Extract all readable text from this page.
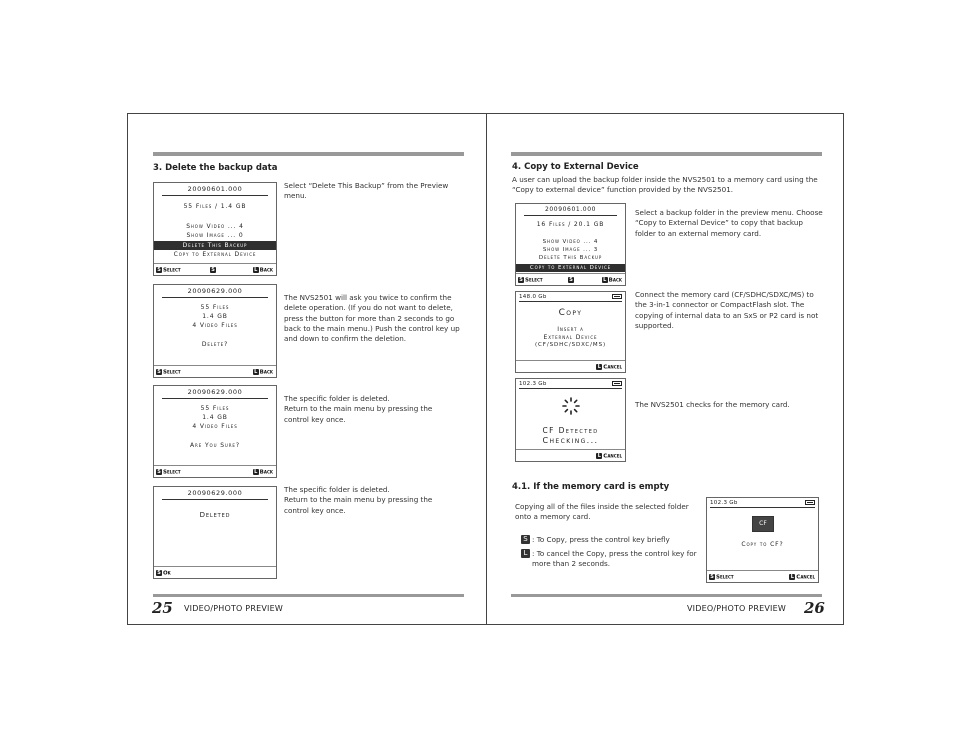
3. Delete the backup data
20090601.000
55 Files / 1.4 GB
Show Video ... 4
Show Image ... 0
Delete This Backup
Copy to External Device
S Select	S	L Back
Select “Delete This Backup” from the Preview menu.
20090629.000
55 Files
1.4 GB
4 Video Files
Delete?
S Select	L Back
The NVS2501 will ask you twice to confirm the delete operation. (If you do not want to delete, press the button for more than 2 seconds to go back to the main menu.) Push the control key up and down to confirm the deletion.
20090629.000
55 Files
1.4 GB
4 Video Files
Are You Sure?
S Select	L Back
The specific folder is deleted.
Return to the main menu by pressing the control key once.
20090629.000
Deleted
S Ok
The specific folder is deleted.
Return to the main menu by pressing the control key once.
25 VIDEO/PHOTO PREVIEW
4. Copy to External Device
A user can upload the backup folder inside the NVS2501 to a memory card using the “Copy to external device” function provided by the NVS2501.
20090601.000
16 Files / 20.1 GB
Show Video ... 4
Show Image ... 3
Delete This Backup
Copy to External Device
S Select	S	L Back
Select a backup folder in the preview menu. Choose “Copy to External Device” to copy that backup folder to an external memory card.
148.0 Gb
Copy
Insert a
External Device
(CF/SDHC/SDXC/MS)
L Cancel
Connect the memory card (CF/SDHC/SDXC/MS) to the 3-in-1 connector or CompactFlash slot. The copying of internal data to an SxS or P2 card is not supported.
102.3 Gb
CF Detected
Checking...
L Cancel
The NVS2501 checks for the memory card.
4.1. If the memory card is empty
Copying all of the files inside the selected folder onto a memory card.
S : To Copy, press the control key briefly
L : To cancel the Copy, press the control key for more than 2 seconds.
102.3 Gb
CF
Copy to CF?
S Select	L Cancel
VIDEO/PHOTO PREVIEW 26
